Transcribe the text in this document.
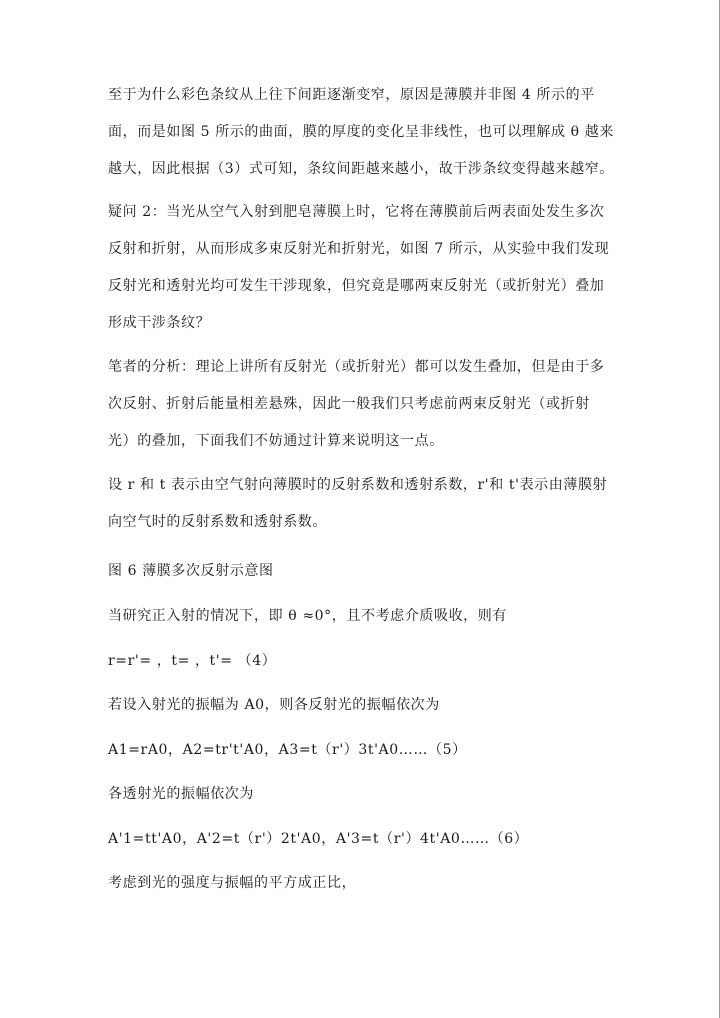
至于为什么彩色条纹从上往下间距逐渐变窄，原因是薄膜并非图 4 所示的平
面，而是如图 5 所示的曲面，膜的厚度的变化呈非线性，也可以理解成 θ 越来
越大，因此根据（3）式可知，条纹间距越来越小，故干涉条纹变得越来越窄。
疑问 2：当光从空气入射到肥皂薄膜上时，它将在薄膜前后两表面处发生多次
反射和折射，从而形成多束反射光和折射光，如图 7 所示，从实验中我们发现
反射光和透射光均可发生干涉现象，但究竟是哪两束反射光（或折射光）叠加
形成干涉条纹？
笔者的分析：理论上讲所有反射光（或折射光）都可以发生叠加，但是由于多
次反射、折射后能量相差悬殊，因此一般我们只考虑前两束反射光（或折射
光）的叠加，下面我们不妨通过计算来说明这一点。
设 r 和 t 表示由空气射向薄膜时的反射系数和透射系数，r'和 t'表示由薄膜射
向空气时的反射系数和透射系数。
图 6 薄膜多次反射示意图
当研究正入射的情况下，即 θ ≈0°，且不考虑介质吸收，则有
r=r'= ，t= ，t'= （4）
若设入射光的振幅为 A0，则各反射光的振幅依次为
A1=rA0，A2=tr't'A0，A3=t（r'）3t'A0……（5）
各透射光的振幅依次为
A'1=tt'A0，A'2=t（r'）2t'A0，A'3=t（r'）4t'A0……（6）
考虑到光的强度与振幅的平方成正比，
